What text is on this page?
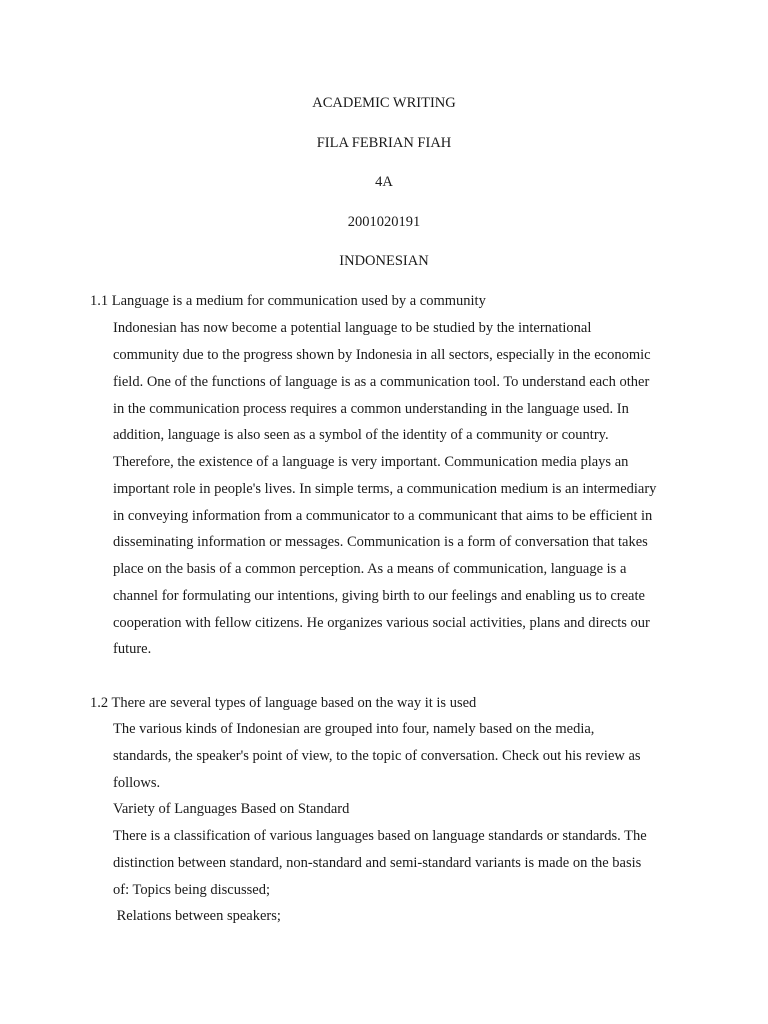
ACADEMIC WRITING
FILA FEBRIAN FIAH
4A
2001020191
INDONESIAN
1.1 Language is a medium for communication used by a community
Indonesian has now become a potential language to be studied by the international
community due to the progress shown by Indonesia in all sectors, especially in the economic
field. One of the functions of language is as a communication tool. To understand each other
in the communication process requires a common understanding in the language used. In
addition, language is also seen as a symbol of the identity of a community or country.
Therefore, the existence of a language is very important. Communication media plays an
important role in people's lives. In simple terms, a communication medium is an intermediary
in conveying information from a communicator to a communicant that aims to be efficient in
disseminating information or messages. Communication is a form of conversation that takes
place on the basis of a common perception. As a means of communication, language is a
channel for formulating our intentions, giving birth to our feelings and enabling us to create
cooperation with fellow citizens. He organizes various social activities, plans and directs our
future.
1.2 There are several types of language based on the way it is used
The various kinds of Indonesian are grouped into four, namely based on the media,
standards, the speaker's point of view, to the topic of conversation. Check out his review as
follows.
Variety of Languages Based on Standard
There is a classification of various languages based on language standards or standards. The
distinction between standard, non-standard and semi-standard variants is made on the basis
of: Topics being discussed;
Relations between speakers;
